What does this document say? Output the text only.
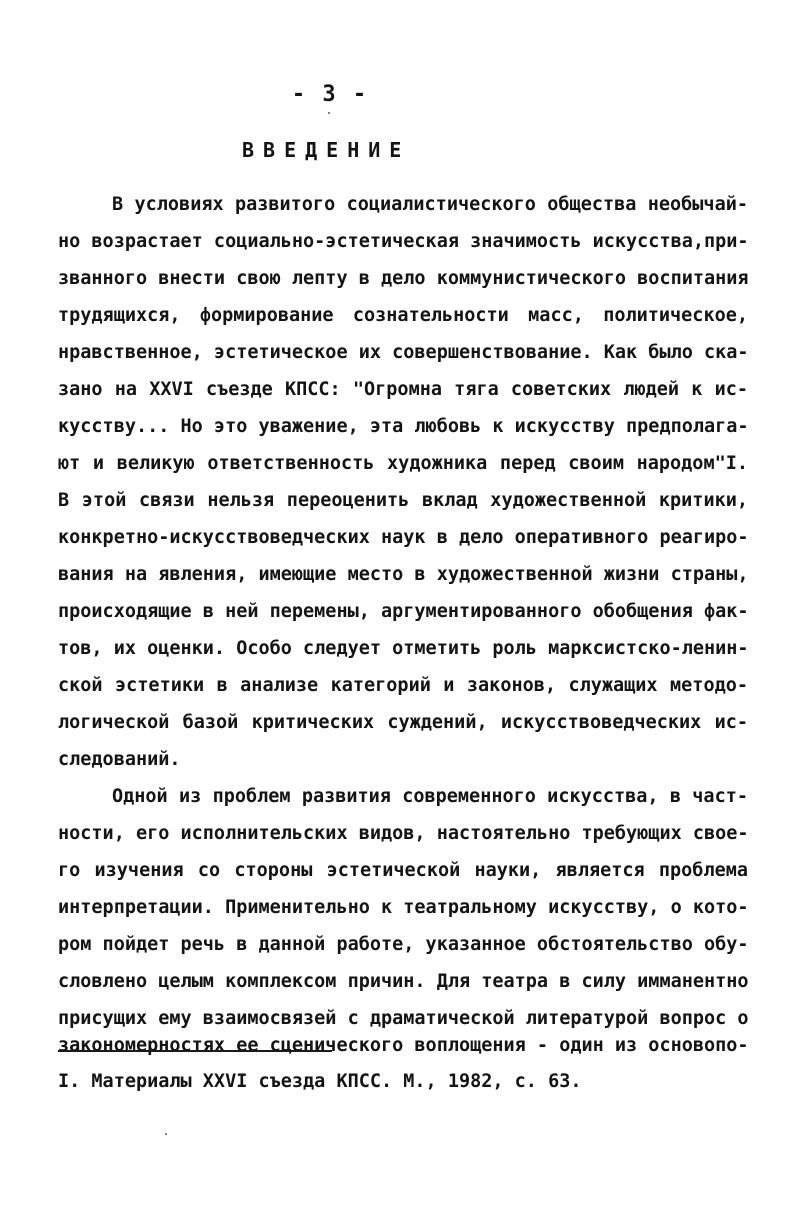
- 3 -
ВВЕДЕНИЕ
В условиях развитого социалистического общества необычай-
но возрастает социально-эстетическая значимость искусства,при-
званного внести свою лепту в дело коммунистического воспитания
трудящихся, формирование сознательности масс, политическое,
нравственное, эстетическое их совершенствование. Как было ска-
зано на XXVI съезде КПСС: "Огромна тяга советских людей к ис-
кусству... Но это уважение, эта любовь к искусству предполага-
ют и великую ответственность художника перед своим народом"I.
В этой связи нельзя переоценить вклад художественной критики,
конкретно-искусствоведческих наук в дело оперативного реагиро-
вания на явления, имеющие место в художественной жизни страны,
происходящие в ней перемены, аргументированного обобщения фак-
тов, их оценки. Особо следует отметить роль марксистско-ленин-
ской эстетики в анализе категорий и законов, служащих методо-
логической базой критических суждений, искусствоведческих ис-
следований.
Одной из проблем развития современного искусства, в част-
ности, его исполнительских видов, настоятельно требующих свое-
го изучения со стороны эстетической науки, является проблема
интерпретации. Применительно к театральному искусству, о кото-
ром пойдет речь в данной работе, указанное обстоятельство обу-
словлено целым комплексом причин. Для театра в силу имманентно
присущих ему взаимосвязей с драматической литературой вопрос о
закономерностях ее сценического воплощения - один из основопо-
I. Материалы XXVI съезда КПСС. М., 1982, с. 63.
